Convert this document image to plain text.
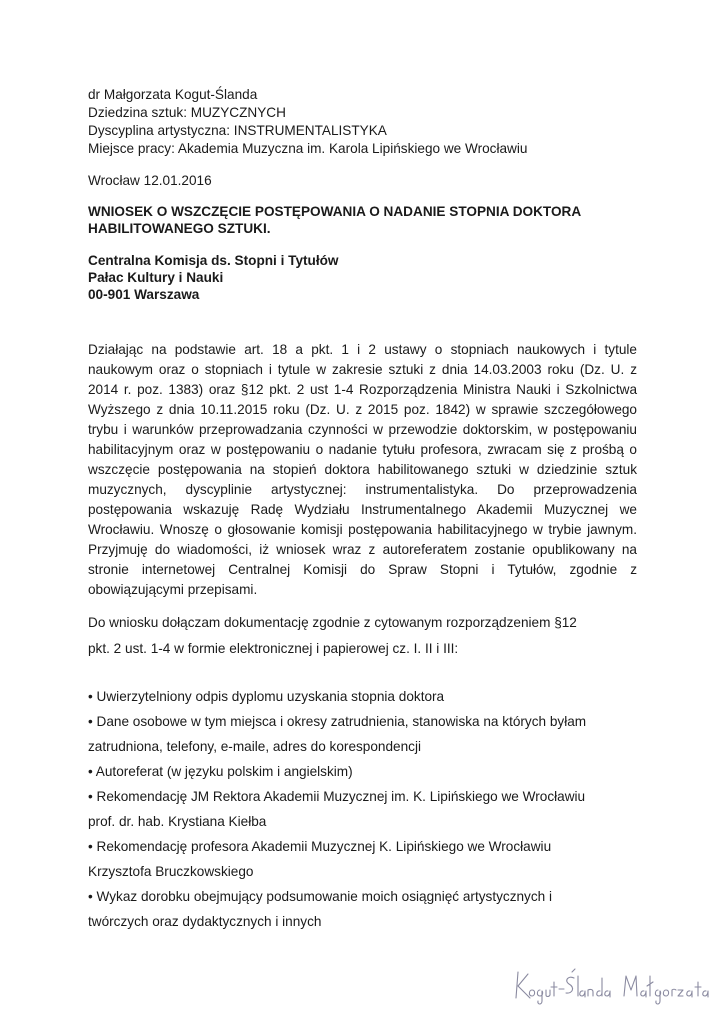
dr Małgorzata Kogut-Ślanda
Dziedzina sztuk: MUZYCZNYCH
Dyscyplina artystyczna: INSTRUMENTALISTYKA
Miejsce pracy: Akademia Muzyczna im. Karola Lipińskiego we Wrocławiu
Wrocław 12.01.2016
WNIOSEK O WSZCZĘCIE POSTĘPOWANIA O NADANIE STOPNIA DOKTORA
HABILITOWANEGO SZTUKI.
Centralna Komisja ds. Stopni i Tytułów
Pałac Kultury i Nauki
00-901 Warszawa
Działając na podstawie art. 18 a pkt. 1 i 2 ustawy o stopniach naukowych i tytule naukowym oraz o stopniach i tytule w zakresie sztuki z dnia 14.03.2003 roku (Dz. U. z 2014 r. poz. 1383) oraz §12 pkt. 2 ust 1-4 Rozporządzenia Ministra Nauki i Szkolnictwa Wyższego z dnia 10.11.2015 roku (Dz. U. z 2015 poz. 1842) w sprawie szczegółowego trybu i warunków przeprowadzania czynności w przewodzie doktorskim, w postępowaniu habilitacyjnym oraz w postępowaniu o nadanie tytułu profesora, zwracam się z prośbą o wszczęcie postępowania na stopień doktora habilitowanego sztuki w dziedzinie sztuk muzycznych, dyscyplinie artystycznej: instrumentalistyka. Do przeprowadzenia postępowania wskazuję Radę Wydziału Instrumentalnego Akademii Muzycznej we Wrocławiu. Wnoszę o głosowanie komisji postępowania habilitacyjnego w trybie jawnym. Przyjmuję do wiadomości, iż wniosek wraz z autoreferatem zostanie opublikowany na stronie internetowej Centralnej Komisji do Spraw Stopni i Tytułów, zgodnie z obowiązującymi przepisami.
Do wniosku dołączam dokumentację zgodnie z cytowanym rozporządzeniem §12
pkt. 2 ust. 1-4 w formie elektronicznej i papierowej cz. I. II i III:
• Uwierzytelniony odpis dyplomu uzyskania stopnia doktora
• Dane osobowe w tym miejsca i okresy zatrudnienia, stanowiska na których byłam
zatrudniona, telefony, e-maile, adres do korespondencji
• Autoreferat (w języku polskim i angielskim)
• Rekomendację JM Rektora Akademii Muzycznej im. K. Lipińskiego we Wrocławiu
prof. dr. hab. Krystiana Kiełba
• Rekomendację profesora Akademii Muzycznej K. Lipińskiego we Wrocławiu
Krzysztofa Bruczkowskiego
• Wykaz dorobku obejmujący podsumowanie moich osiągnięć artystycznych i
twórczych oraz dydaktycznych i innych
